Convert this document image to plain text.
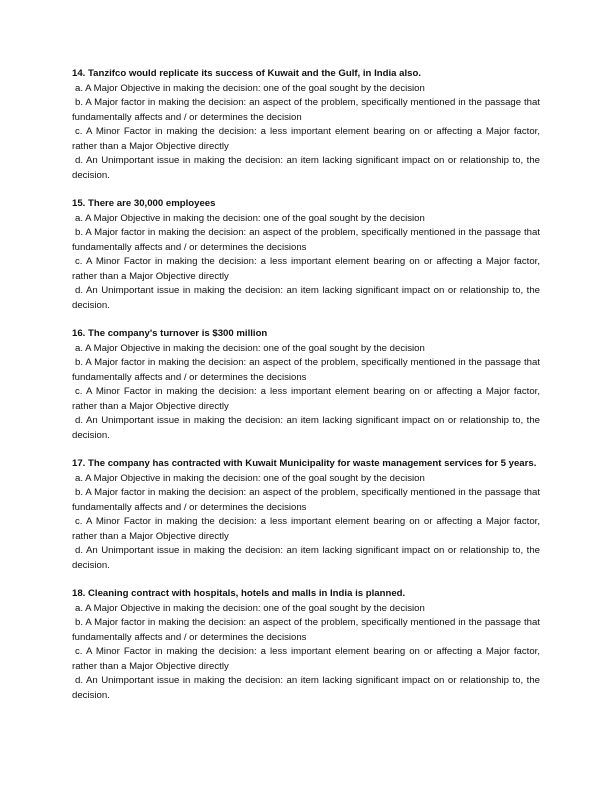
14. Tanzifco would replicate its success of Kuwait and the Gulf, in India also.
a. A Major Objective in making the decision: one of the goal sought by the decision
b. A Major factor in making the decision: an aspect of the problem, specifically mentioned in the passage that fundamentally affects and / or determines the decision
c. A Minor Factor in making the decision: a less important element bearing on or affecting a Major factor, rather than a Major Objective directly
d. An Unimportant issue in making the decision: an item lacking significant impact on or relationship to, the decision.
15. There are 30,000 employees
a. A Major Objective in making the decision: one of the goal sought by the decision
b. A Major factor in making the decision: an aspect of the problem, specifically mentioned in the passage that fundamentally affects and / or determines the decisions
c. A Minor Factor in making the decision: a less important element bearing on or affecting a Major factor, rather than a Major Objective directly
d. An Unimportant issue in making the decision: an item lacking significant impact on or relationship to, the decision.
16. The company's turnover is $300 million
a. A Major Objective in making the decision: one of the goal sought by the decision
b. A Major factor in making the decision: an aspect of the problem, specifically mentioned in the passage that fundamentally affects and / or determines the decisions
c. A Minor Factor in making the decision: a less important element bearing on or affecting a Major factor, rather than a Major Objective directly
d. An Unimportant issue in making the decision: an item lacking significant impact on or relationship to, the decision.
17. The company has contracted with Kuwait Municipality for waste management services for 5 years.
a. A Major Objective in making the decision: one of the goal sought by the decision
b. A Major factor in making the decision: an aspect of the problem, specifically mentioned in the passage that fundamentally affects and / or determines the decisions
c. A Minor Factor in making the decision: a less important element bearing on or affecting a Major factor, rather than a Major Objective directly
d. An Unimportant issue in making the decision: an item lacking significant impact on or relationship to, the decision.
18. Cleaning contract with hospitals, hotels and malls in India is planned.
a. A Major Objective in making the decision: one of the goal sought by the decision
b. A Major factor in making the decision: an aspect of the problem, specifically mentioned in the passage that fundamentally affects and / or determines the decisions
c. A Minor Factor in making the decision: a less important element bearing on or affecting a Major factor, rather than a Major Objective directly
d. An Unimportant issue in making the decision: an item lacking significant impact on or relationship to, the decision.
